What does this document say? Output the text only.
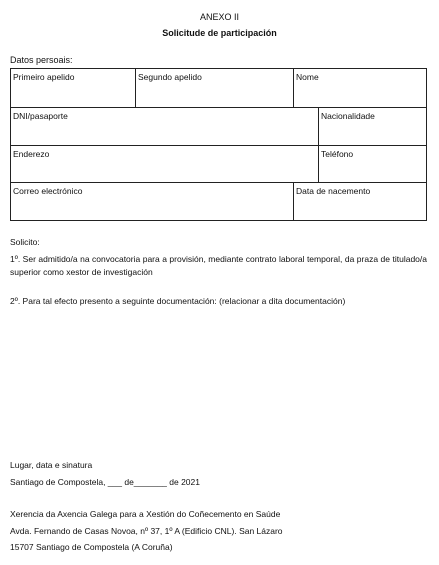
ANEXO II
Solicitude de participación
Datos persoais:
Primeiro apelido	Segundo apelido	Nome
DNI/pasaporte	Nacionalidade
Enderezo	Teléfono
Correo electrónico	Data de nacemento
Solicito:
1º. Ser admitido/a na convocatoria para a provisión, mediante contrato laboral temporal, da praza de titulado/a superior como xestor de investigación
2º. Para tal efecto presento a seguinte documentación: (relacionar a dita documentación)
Lugar, data e sinatura
Santiago de Compostela, ___ de_______ de 2021
Xerencia da Axencia Galega para a Xestión do Coñecemento en Saúde
Avda. Fernando de Casas Novoa, nº 37, 1º A (Edificio CNL). San Lázaro
15707 Santiago de Compostela (A Coruña)
